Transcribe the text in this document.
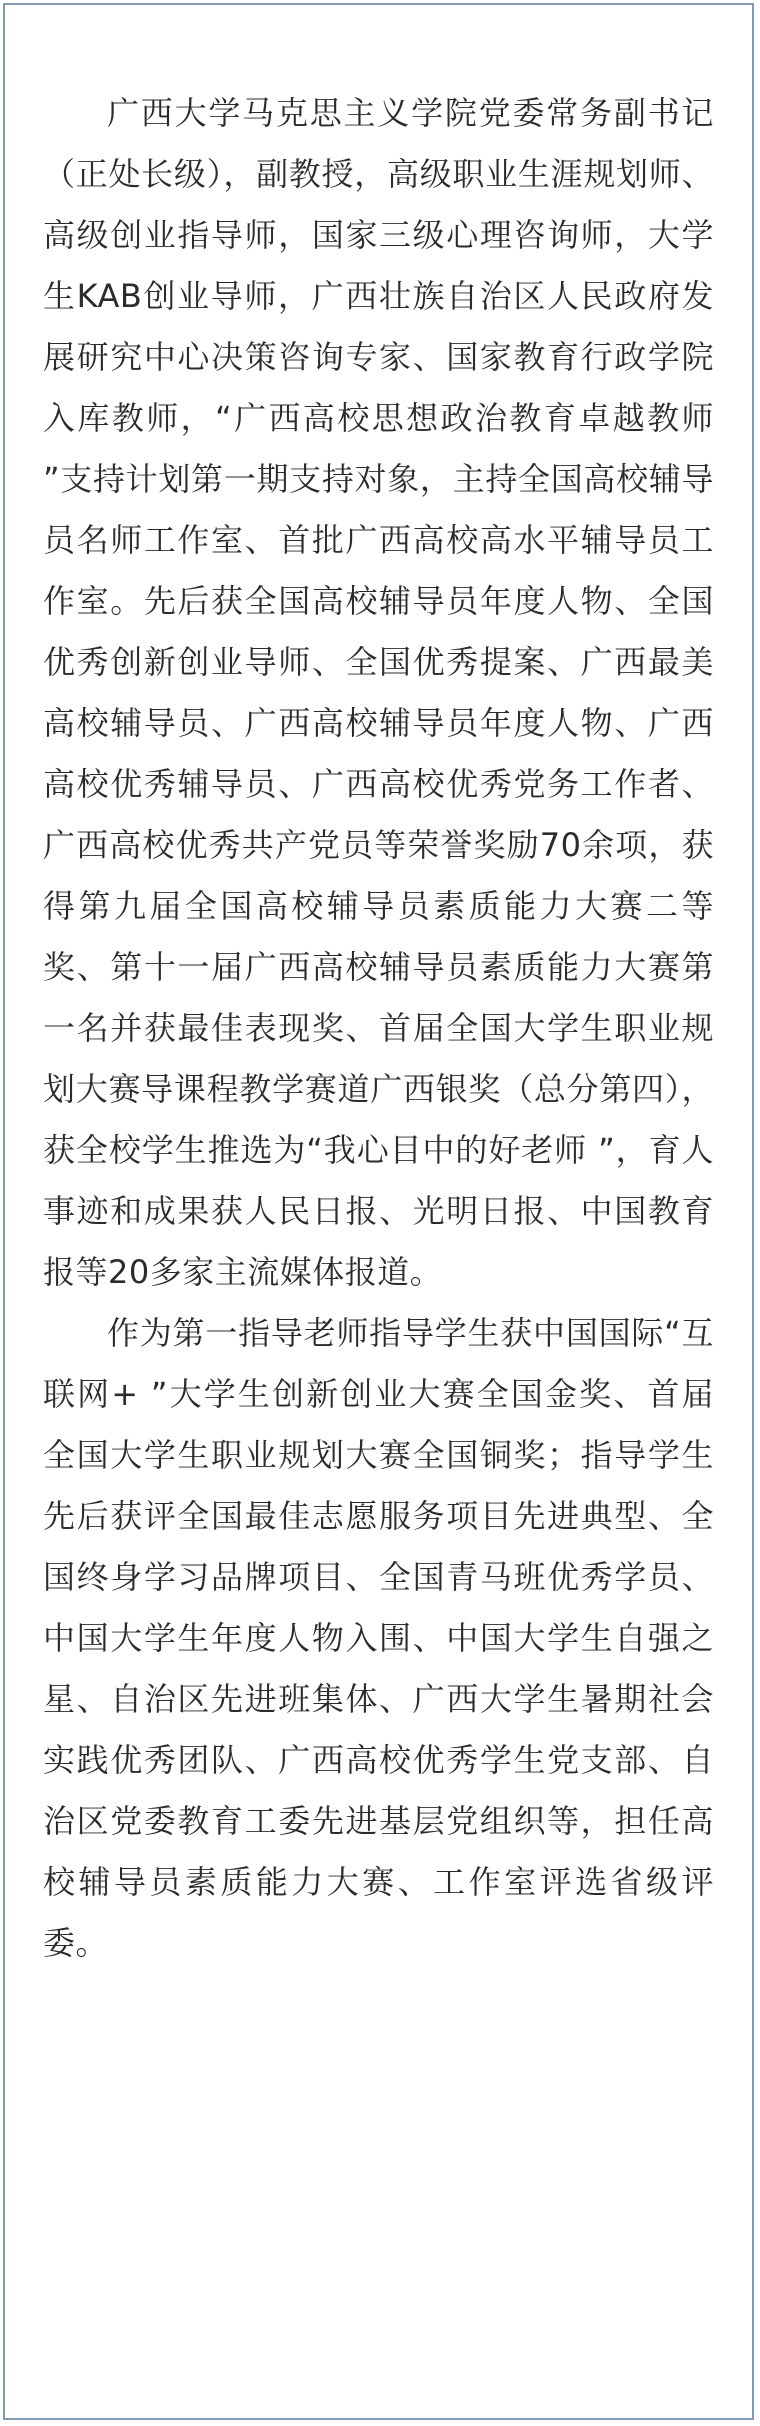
广西大学马克思主义学院党委常务副书记（正处长级），副教授，高级职业生涯规划师、高级创业指导师，国家三级心理咨询师，大学生KAB创业导师，广西壮族自治区人民政府发展研究中心决策咨询专家、国家教育行政学院入库教师，“广西高校思想政治教育卓越教师 ”支持计划第一期支持对象，主持全国高校辅导员名师工作室、首批广西高校高水平辅导员工作室。先后获全国高校辅导员年度人物、全国优秀创新创业导师、全国优秀提案、广西最美高校辅导员、广西高校辅导员年度人物、广西高校优秀辅导员、广西高校优秀党务工作者、广西高校优秀共产党员等荣誉奖励70余项，获得第九届全国高校辅导员素质能力大赛二等奖、第十一届广西高校辅导员素质能力大赛第一名并获最佳表现奖、首届全国大学生职业规划大赛导课程教学赛道广西银奖（总分第四），获全校学生推选为“我心目中的好老师 ”，育人事迹和成果获人民日报、光明日报、中国教育报等20多家主流媒体报道。

作为第一指导老师指导学生获中国国际“互联网+ ”大学生创新创业大赛全国金奖、首届全国大学生职业规划大赛全国铜奖；指导学生先后获评全国最佳志愿服务项目先进典型、全国终身学习品牌项目、全国青马班优秀学员、中国大学生年度人物入围、中国大学生自强之星、自治区先进班集体、广西大学生暑期社会实践优秀团队、广西高校优秀学生党支部、自治区党委教育工委先进基层党组织等，担任高校辅导员素质能力大赛、工作室评选省级评委。
